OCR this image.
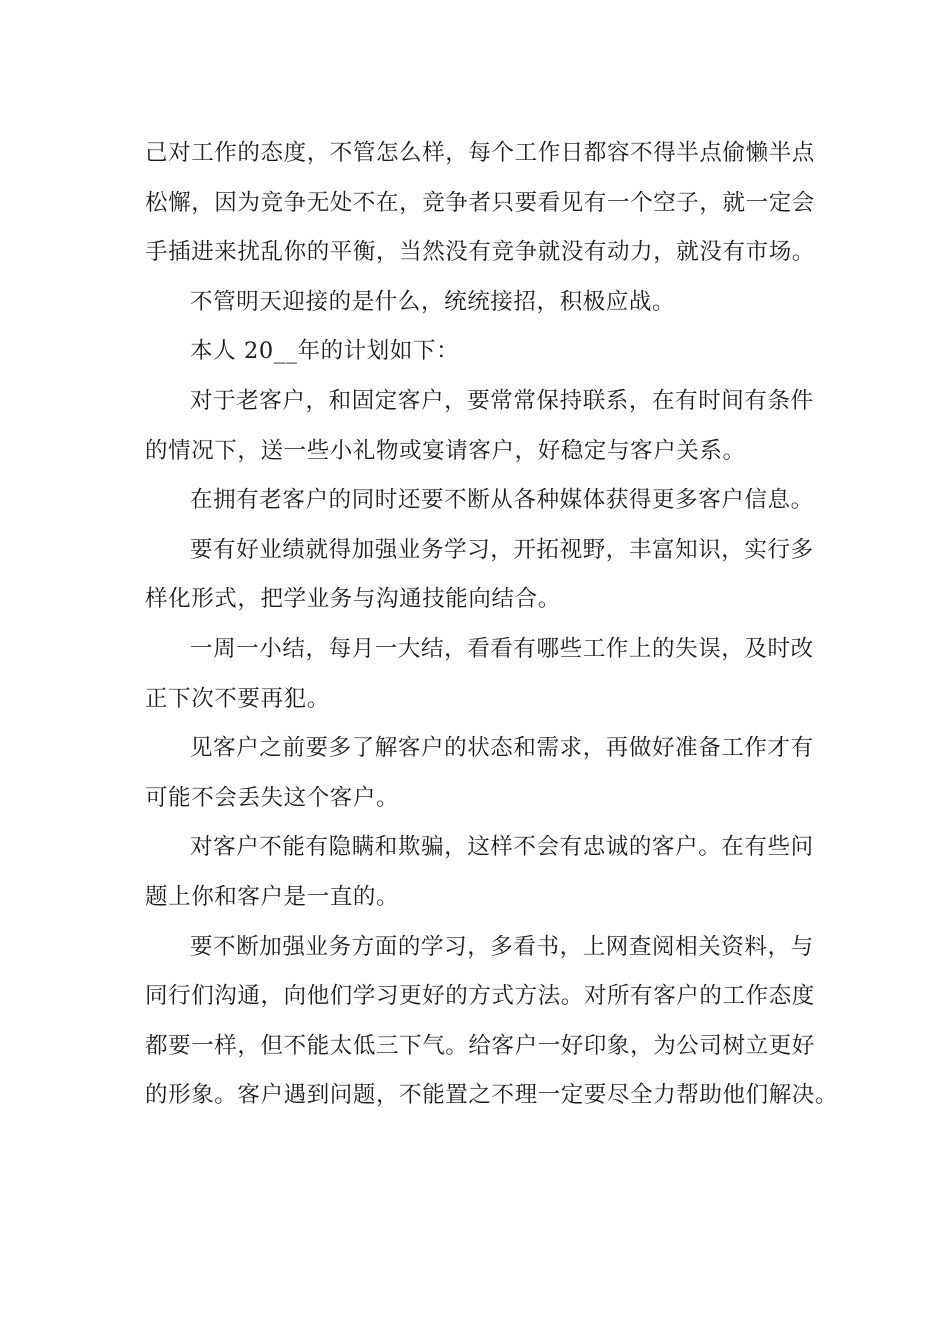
己对工作的态度，不管怎么样，每个工作日都容不得半点偷懒半点
松懈，因为竞争无处不在，竞争者只要看见有一个空子，就一定会
手插进来扰乱你的平衡，当然没有竞争就没有动力，就没有市场。
不管明天迎接的是什么，统统接招，积极应战。
本人 20__年的计划如下：
对于老客户，和固定客户，要常常保持联系，在有时间有条件
的情况下，送一些小礼物或宴请客户，好稳定与客户关系。
在拥有老客户的同时还要不断从各种媒体获得更多客户信息。
要有好业绩就得加强业务学习，开拓视野，丰富知识，实行多
样化形式，把学业务与沟通技能向结合。
一周一小结，每月一大结，看看有哪些工作上的失误，及时改
正下次不要再犯。
见客户之前要多了解客户的状态和需求，再做好准备工作才有
可能不会丢失这个客户。
对客户不能有隐瞒和欺骗，这样不会有忠诚的客户。在有些问
题上你和客户是一直的。
要不断加强业务方面的学习，多看书，上网查阅相关资料，与
同行们沟通，向他们学习更好的方式方法。对所有客户的工作态度
都要一样，但不能太低三下气。给客户一好印象，为公司树立更好
的形象。客户遇到问题，不能置之不理一定要尽全力帮助他们解决。
